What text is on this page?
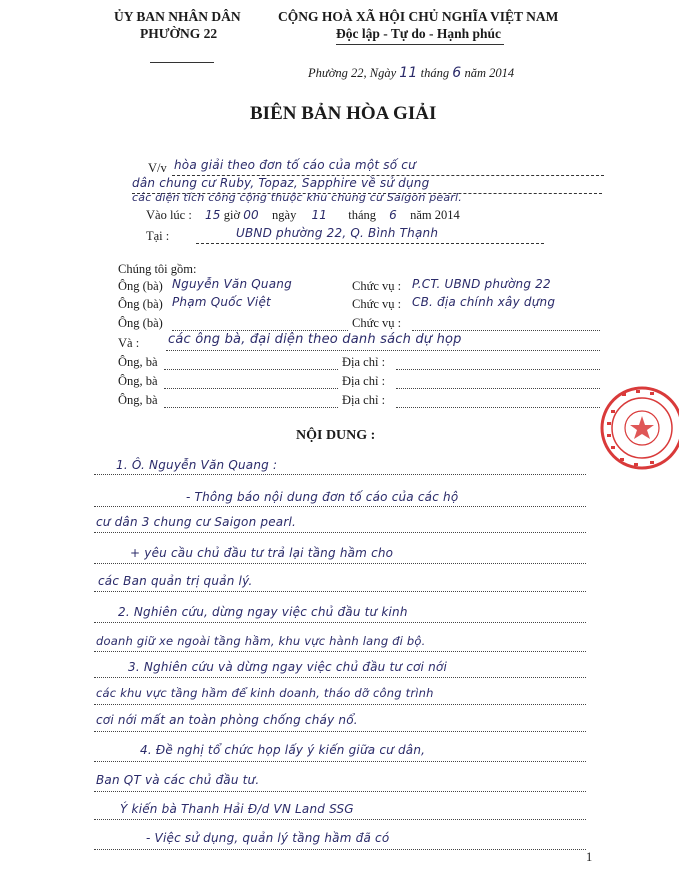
ỦY BAN NHÂN DÂN
PHƯỜNG 22
CỘNG HOÀ XÃ HỘI CHỦ NGHĨA VIỆT NAM
Độc lập - Tự do - Hạnh phúc
Phường 22, Ngày 11 tháng 6 năm 2014
BIÊN BẢN HÒA GIẢI
V/v hòa giải theo đơn tố cáo của một số cư
dân chung cư Ruby, Topaz, Sapphire về sử dụng
các diện tích công cộng thuộc khu chung cư Saigon pearl.
Vào lúc : 15 giờ 00 ngày 11 tháng 6 năm 2014
Tại :	UBND phường 22, Q. Bình Thạnh
Chúng tôi gồm:
Ông (bà) Nguyễn Văn Quang	Chức vụ : P.CT. UBND phường 22
Ông (bà) Phạm Quốc Việt	Chức vụ : CB. địa chính xây dựng
Ông (bà)	Chức vụ :
Và : các ông bà, đại diện theo danh sách dự họp
Ông, bà	Địa chỉ :
Ông, bà	Địa chỉ :
Ông, bà	Địa chỉ :
NỘI DUNG :
1. Ô. Nguyễn Văn Quang :
- Thông báo nội dung đơn tố cáo của các hộ
cư dân 3 chung cư Saigon pearl.
+ yêu cầu chủ đầu tư trả lại tầng hầm cho
các Ban quản trị quản lý.
2. Nghiên cứu, dừng ngay việc chủ đầu tư kinh
doanh giữ xe ngoài tầng hầm, khu vực hành lang đi bộ.
3. Nghiên cứu và dừng ngay việc chủ đầu tư cơi nới
các khu vực tầng hầm để kinh doanh, tháo dỡ công trình
cơi nới mất an toàn phòng chống cháy nổ.
4. Đề nghị tổ chức họp lấy ý kiến giữa cư dân,
Ban QT và các chủ đầu tư.
Ý kiến bà Thanh Hải Đ/d VN Land SSG
- Việc sử dụng, quản lý tầng hầm đã có
1
